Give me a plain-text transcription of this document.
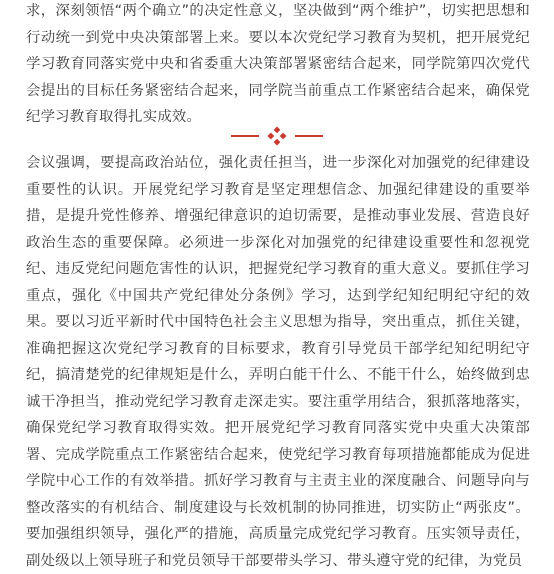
求，深刻领悟“两个确立”的决定性意义，坚决做到“两个维护”，切实把思想和行动统一到党中央决策部署上来。要以本次党纪学习教育为契机，把开展党纪学习教育同落实党中央和省委重大决策部署紧密结合起来，同学院第四次党代会提出的目标任务紧密结合起来，同学院当前重点工作紧密结合起来，确保党纪学习教育取得扎实成效。

会议强调，要提高政治站位，强化责任担当，进一步深化对加强党的纪律建设重要性的认识。开展党纪学习教育是坚定理想信念、加强纪律建设的重要举措，是提升党性修养、增强纪律意识的迫切需要，是推动事业发展、营造良好政治生态的重要保障。必须进一步深化对加强党的纪律建设重要性和忽视党纪、违反党纪问题危害性的认识，把握党纪学习教育的重大意义。要抓住学习重点，强化《中国共产党纪律处分条例》学习，达到学纪知纪明纪守纪的效果。要以习近平新时代中国特色社会主义思想为指导，突出重点，抓住关键，准确把握这次党纪学习教育的目标要求，教育引导党员干部学纪知纪明纪守纪，搞清楚党的纪律规矩是什么，弄明白能干什么、不能干什么，始终做到忠诚干净担当，推动党纪学习教育走深走实。要注重学用结合，狠抓落地落实，确保党纪学习教育取得实效。把开展党纪学习教育同落实党中央重大决策部署、完成学院重点工作紧密结合起来，使党纪学习教育每项措施都能成为促进学院中心工作的有效举措。抓好学习教育与主责主业的深度融合、问题导向与整改落实的有机结合、制度建设与长效机制的协同推进，切实防止“两张皮”。要加强组织领导，强化严的措施，高质量完成党纪学习教育。压实领导责任，副处级以上领导班子和党员领导干部要带头学习、带头遵守党的纪律，为党员
